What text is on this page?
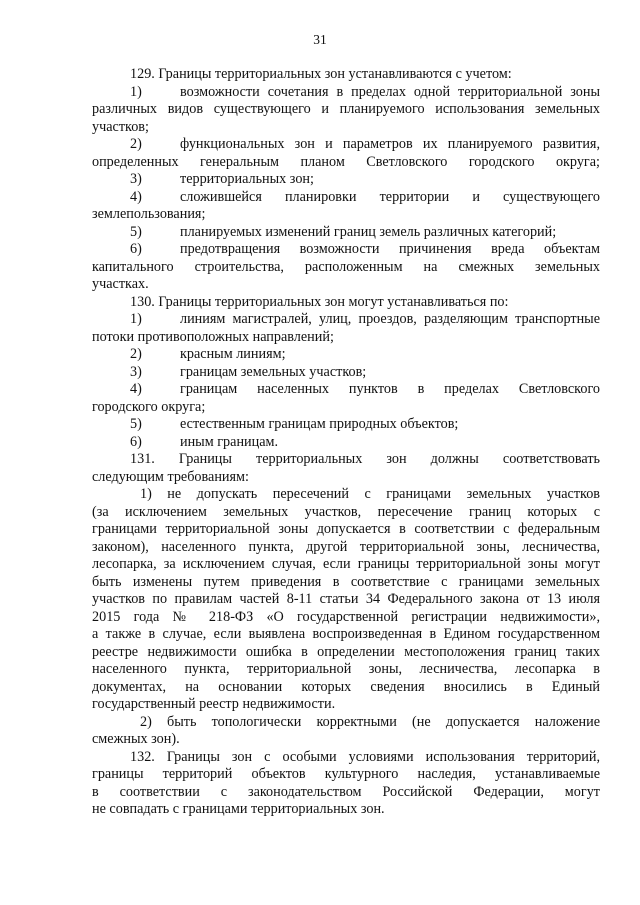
31
129. Границы территориальных зон устанавливаются с учетом:
1)	возможности сочетания в пределах одной территориальной зоны
различных видов существующего и планируемого использования земельных
участков;
2)	функциональных зон и параметров их планируемого развития,
определенных генеральным планом Светловского городского округа;
3)	территориальных зон;
4)	сложившейся планировки территории и существующего
землепользования;
5)	планируемых изменений границ земель различных категорий;
6)	предотвращения возможности причинения вреда объектам
капитального строительства, расположенным на смежных земельных
участках.
130. Границы территориальных зон могут устанавливаться по:
1)	линиям магистралей, улиц, проездов, разделяющим транспортные
потоки противоположных направлений;
2)	красным линиям;
3)	границам земельных участков;
4)	границам населенных пунктов в пределах Светловского
городского округа;
5)	естественным границам природных объектов;
6)	иным границам.
131. Границы территориальных зон должны соответствовать
следующим требованиям:
1) не допускать пересечений с границами земельных участков
(за исключением земельных участков, пересечение границ которых с
границами территориальной зоны допускается в соответствии с федеральным
законом), населенного пункта, другой территориальной зоны, лесничества,
лесопарка, за исключением случая, если границы территориальной зоны могут
быть изменены путем приведения в соответствие с границами земельных
участков по правилам частей 8-11 статьи 34 Федерального закона от 13 июля
2015 года № 218-ФЗ «О государственной регистрации недвижимости»,
а также в случае, если выявлена воспроизведенная в Едином государственном
реестре недвижимости ошибка в определении местоположения границ таких
населенного пункта, территориальной зоны, лесничества, лесопарка в
документах, на основании которых сведения вносились в Единый
государственный реестр недвижимости.
2) быть топологически корректными (не допускается наложение
смежных зон).
132. Границы зон с особыми условиями использования территорий,
границы территорий объектов культурного наследия, устанавливаемые
в соответствии с законодательством Российской Федерации, могут
не совпадать с границами территориальных зон.
